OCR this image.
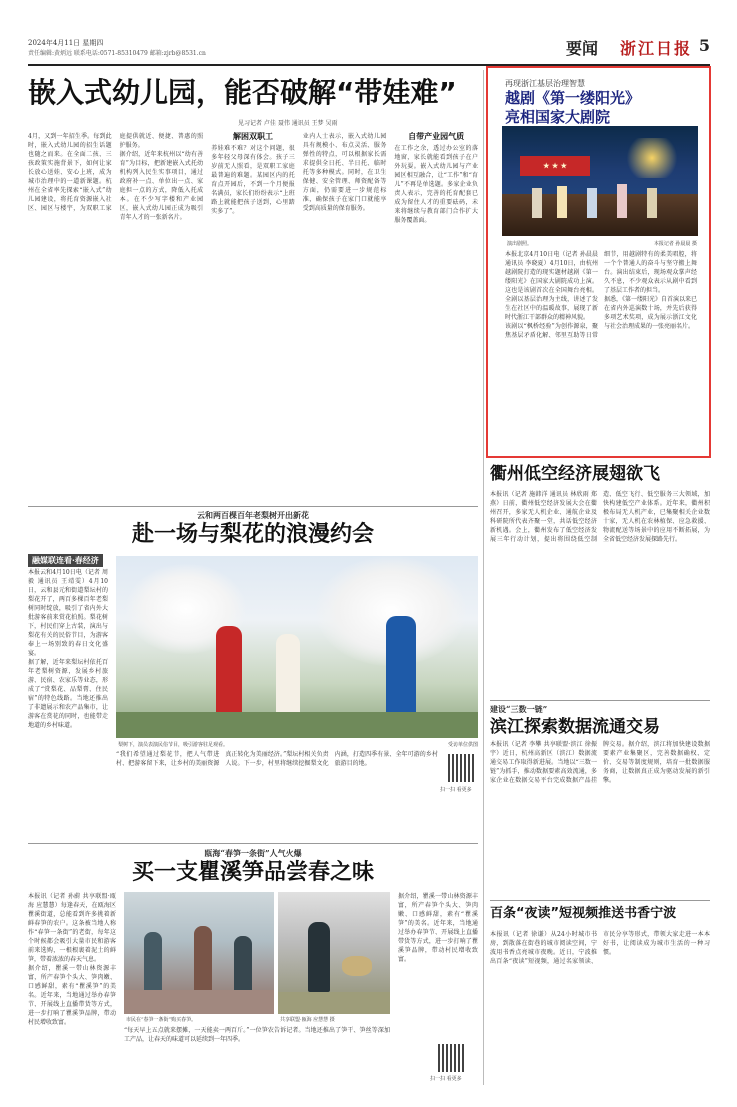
2024年4月11日 星期四
责任编辑:黄炳远 联系电话:0571-85310479 邮箱:zjrb@8531.cn	要闻 浙江日报 5
嵌入式幼儿园，能否破解“带娃难”
见习记者 卢佳 聂伟 通讯员 王梦 吴雨

4月，又到一年招生季。每到此时，嵌入式幼儿园的招生话题也随之而来。在全面二孩、三孩政策实施背景下，如何让家长放心送娃、安心上班，成为城市治理中的一道新课题。杭州在全省率先探索“嵌入式”幼儿园建设，将托育资源嵌入社区、园区与楼宇，为双职工家庭提供就近、便捷、普惠的照护服务。

据介绍，近年来杭州以“幼有善育”为目标，把新建嵌入式托幼机构列入民生实事项目，通过政府补一点、单位出一点、家庭担一点的方式，降低入托成本。在不少写字楼和产业园区，嵌入式幼儿园正成为吸引青年人才的一张新名片。

解困双职工

养娃难不难？对这个问题，很多年轻父母深有体会。孩子三岁前无人照看，是双职工家庭最普遍的难题。某园区内的托育点开园后，不到一个月便报名满员，家长们纷纷表示“上班路上就能把孩子送到，心里踏实多了”。

业内人士表示，嵌入式幼儿园具有规模小、布点灵活、服务弹性的特点，可以根据家长需求提供全日托、半日托、临时托等多种模式。同时，在卫生保健、安全管理、师资配备等方面，仍需要进一步规范标准，确保孩子在家门口就能享受到高质量的保育服务。

自带产业园气质

在工作之余，透过办公室的落地窗，家长就能看到孩子在户外玩耍。嵌入式幼儿园与产业园区相互融合，让“工作”和“育儿”不再是单选题。多家企业负责人表示，完善的托育配套已成为留住人才的重要砝码，未来将继续与教育部门合作扩大服务覆盖面。

再现浙江基层治理智慧
越剧《第一缕阳光》
亮相国家大剧院
★ ★ ★
演出剧照。	本报记者 孙晨晨 摄

本报北京4月10日电（记者 孙晨晨 通讯员 李晓夏）4月10日，由杭州越剧院打造的现实题材越剧《第一缕阳光》在国家大剧院成功上演。这也是该剧首次在全国舞台亮相。全剧以基层治理为主线，讲述了发生在社区中的温暖故事，展现了新时代浙江干部群众的精神风貌。

该剧以“枫桥经验”为创作源泉，聚焦基层矛盾化解、邻里互助等日常细节，用越剧特有的柔美唱腔，将一个个普通人的奋斗与坚守搬上舞台。演出结束后，现场观众掌声经久不息，不少观众表示从剧中看到了基层工作者的担当。

据悉，《第一缕阳光》自首演以来已在省内外巡演数十场，并先后获得多项艺术奖项，成为展示浙江文化与社会治理成果的一张亮丽名片。

云和两百棵百年老梨树开出新花
赴一场与梨花的浪漫约会
融媒联连看·春经济

本报云和4月10日电（记者 周毅 通讯员 王靖雯）4月10日，云和县元和街道梨坛村的梨花开了，两百多棵百年老梨树同时绽放，吸引了省内外大批游客前来赏花拍照。梨花树下，村民们穿上古装，演出与梨花有关的民俗节目，为游客奉上一场别致的春日文化盛宴。

据了解，近年来梨坛村依托百年老梨树资源，发展乡村旅游、民宿、农家乐等业态，形成了“赏梨花、品梨膏、住民宿”的特色线路。当地还推出了非遗展示和农产品集市，让游客在赏花的同时，也能带走地道的乡村味道。

梨树下，演员表演民俗节目，吸引游客驻足观看。	受访单位供图

“我们希望通过梨花节，把人气带进村、把游客留下来，让乡村的美丽资源真正转化为美丽经济。”梨坛村相关负责人说。下一步，村里将继续挖掘梨文化内涵，打造四季有景、全年可游的乡村旅游目的地。

扫一扫 看更多
瓯海“春笋一条街”人气火爆
买一支瞿溪笋品尝春之味

本报讯（记者 孙蔚 共享联盟·瓯海 应慧慧）每逢春天，在瓯海区瞿溪街道，总能看到许多挑着新鲜春笋的农户。这条被当地人称作“春笋一条街”的老街，每年这个时候都会吸引大量市民和游客前来选购，一根根裹着泥土的鲜笋，带着浓浓的春天气息。

据介绍，瞿溪一带山林资源丰富，所产春笋个头大、笋肉嫩、口感鲜甜，素有“瞿溪笋”的美名。近年来，当地通过举办春笋节、开展线上直播带货等方式，进一步打响了瞿溪笋品牌，带动村民增收致富。	市民在“春笋一条街”购买春笋。	共享联盟·瓯海 应慧慧 摄

“每天早上五点就来摆摊，一天能卖一两百斤。”一位笋农告诉记者。当地还推出了笋干、笋丝等深加工产品，让春天的味道可以延续到一年四季。

据介绍，瞿溪一带山林资源丰富，所产春笋个头大、笋肉嫩、口感鲜甜，素有“瞿溪笋”的美名。近年来，当地通过举办春笋节、开展线上直播带货等方式，进一步打响了瞿溪笋品牌，带动村民增收致富。

扫一扫 看更多
衢州低空经济展翅欲飞

本报讯（记者 施韩洋 通讯员 林欣雨 郑燕）日前，衢州低空经济发展大会在衢州召开，多家无人机企业、通航企业及科研院所代表齐聚一堂，共话低空经济新机遇。会上，衢州发布了低空经济发展三年行动计划，提出将围绕低空制造、低空飞行、低空服务三大领域，加快构建低空产业体系。近年来，衢州积极布局无人机产业，已集聚相关企业数十家，无人机在农林植保、应急救援、物流配送等场景中的应用不断拓展，为全省低空经济发展探路先行。

建设“三数一链”
滨江探索数据流通交易

本报讯（记者 李攀 共享联盟·滨江 徐振宇）近日，杭州高新区（滨江）数据流通交易工作取得新进展。当地以“三数一链”为抓手，推动数据要素高效流通，多家企业在数据交易平台完成数据产品挂牌交易。据介绍，滨江将加快建设数据要素产业集聚区，完善数据确权、定价、交易等制度规则，培育一批数据服务商，让数据真正成为驱动发展的新引擎。

百条“夜读”短视频推送书香宁波

本报讯（记者 徐谦）从24小时城市书房，到散落在街巷的城市阅读空间，宁波用书香点亮城市夜晚。近日，宁波推出百条“夜读”短视频，通过名家领读、市民分享等形式，带领大家走进一本本好书，让阅读成为城市生活的一种习惯。
